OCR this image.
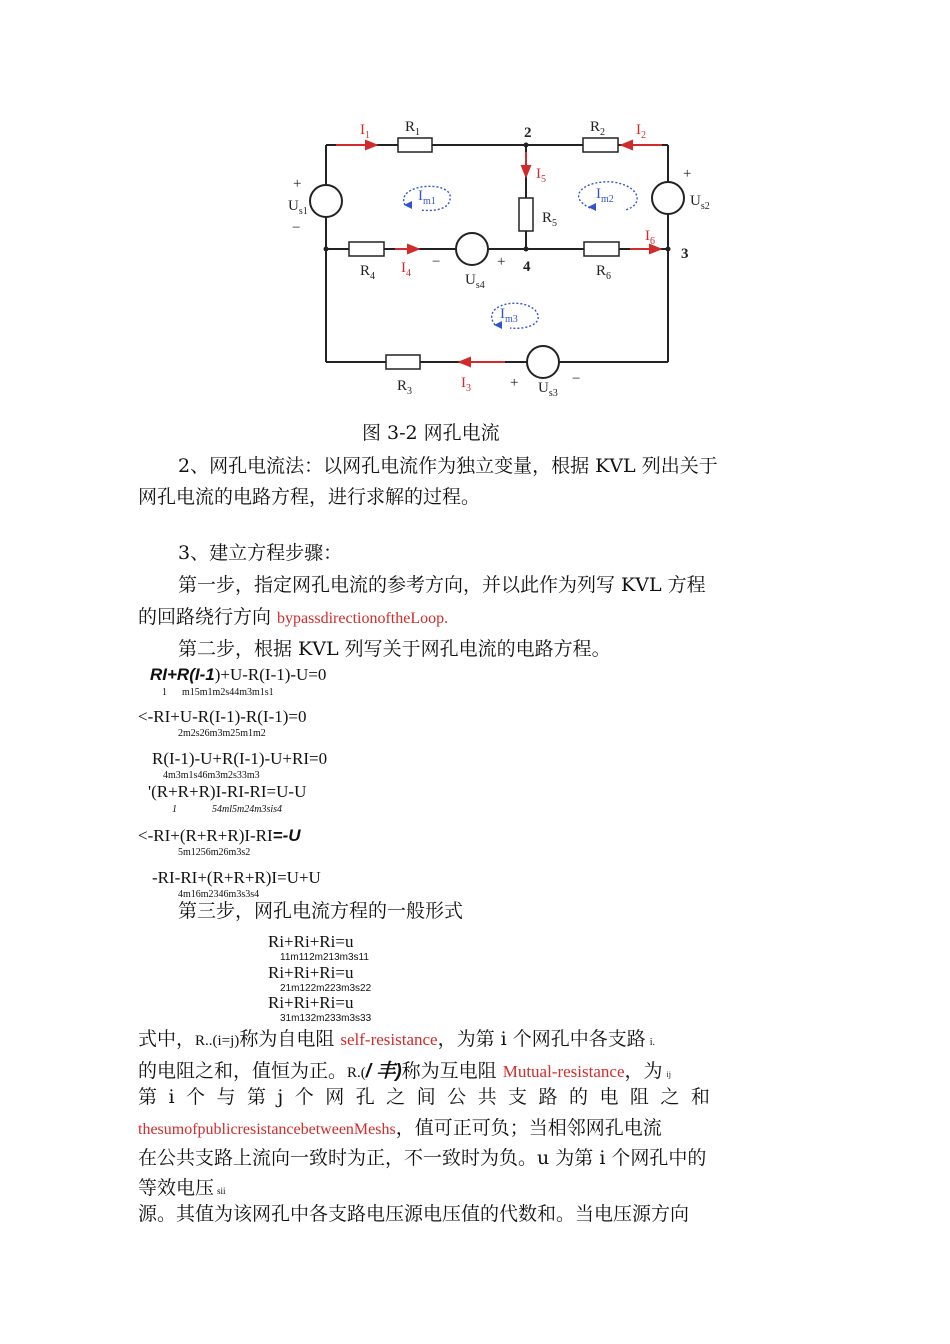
$R_1$	$R_2$
$R_3$
$R_4$
$R_5$
$R_6$
$I_1$	$I_2$
$I_3$
$I_4$
$I_5$
$I_6$
$U_{s1}$
$U_{s2}$
$U_{s3}$
$U_{s4}$
$I_{m1}$	$I_{m2}$
$I_{m3}$
2
3
4
+
−
+
−	+
+	−
图 3-2 网孔电流
2、网孔电流法：以网孔电流作为独立变量，根据 KVL 列出关于
网孔电流的电路方程，进行求解的过程。
3、建立方程步骤：
第一步，指定网孔电流的参考方向，并以此作为列写 KVL 方程
的回路绕行方向 bypassdirectionoftheLoop.
第二步，根据 KVL 列写关于网孔电流的电路方程。
RI+R(I-1)+U-R(I-1)-U=0
1      m15m1m2s44m3m1s1
<-RI+U-R(I-1)-R(I-1)=0
2m2s26m3m25m1m2
R(I-1)-U+R(I-1)-U+RI=0
4m3m1s46m3m2s33m3
'(R+R+R)I-RI-RI=U-U
1              54ml5m24m3sis4
<-RI+(R+R+R)I-RI=-U
5m1256m26m3s2
-RI-RI+(R+R+R)I=U+U
4m16m2346m3s3s4
第三步，网孔电流方程的一般形式
Ri+Ri+Ri=u
11m112m213m3s11
Ri+Ri+Ri=u
21m122m223m3s22
Ri+Ri+Ri=u
31m132m233m3s33
式中，R..(i=j)称为自电阻 self-resistance，为第 i 个网孔中各支路 i.
的电阻之和，值恒为正。R.(/ 丰)称为互电阻 Mutual-resistance，为 ij
第 i 个 与 第 j 个 网 孔 之 间 公 共 支 路 的 电 阻 之 和
thesumofpublicresistancebetweenMeshs，值可正可负；当相邻网孔电流
在公共支路上流向一致时为正，不一致时为负。u 为第 i 个网孔中的
等效电压 sii
源。其值为该网孔中各支路电压源电压值的代数和。当电压源方向
